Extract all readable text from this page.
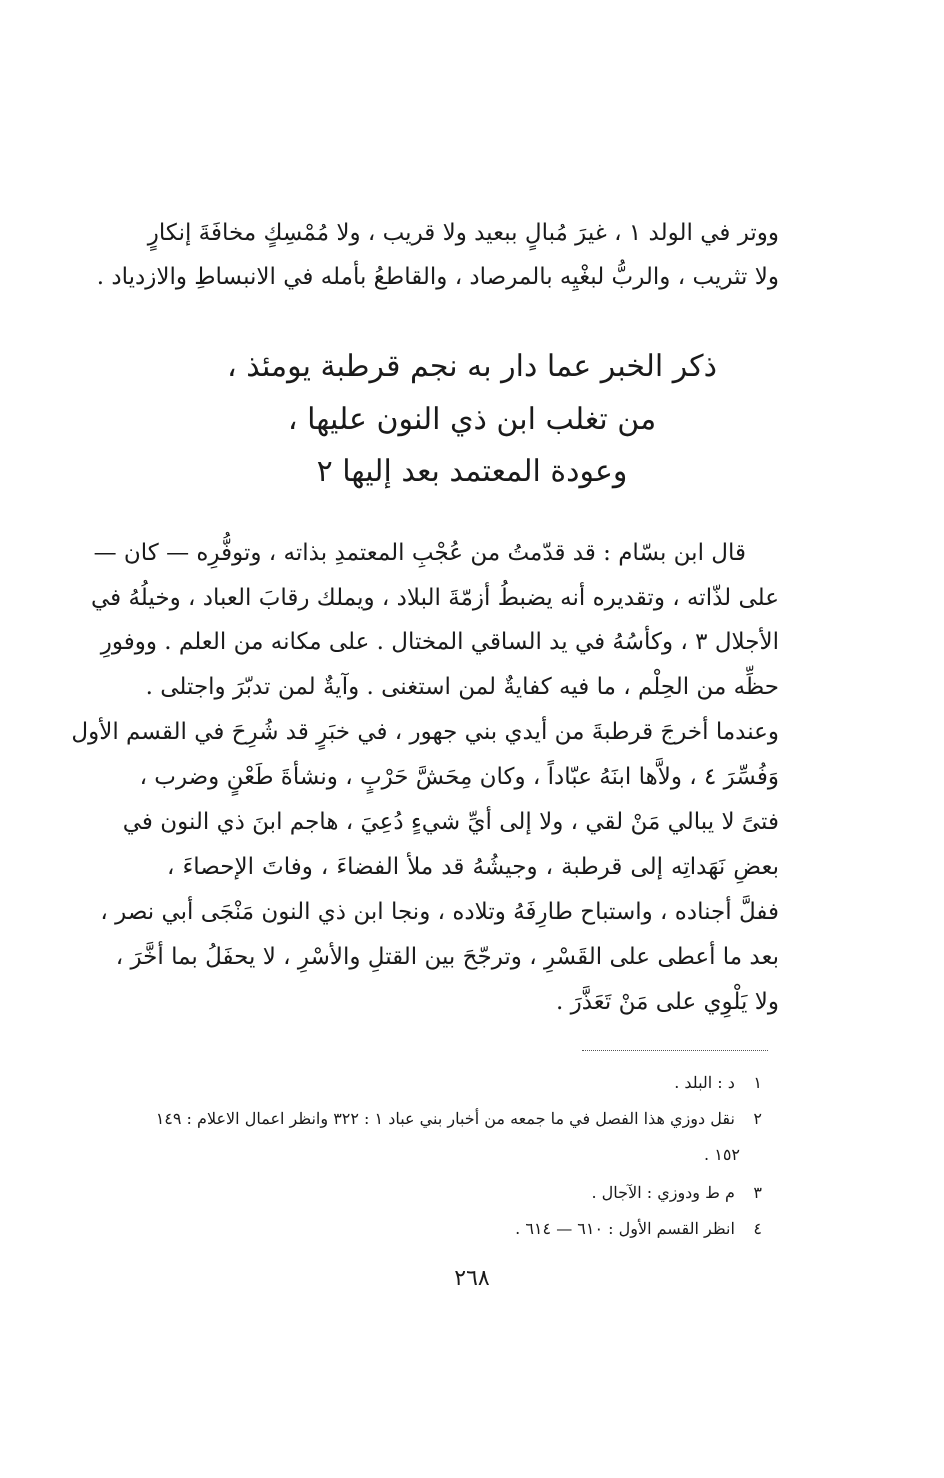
ووتر في الولد ١ ، غيرَ مُبالٍ ببعيد ولا قريب ، ولا مُمْسِكٍ مخافَةَ إنكارٍ
ولا تثريب ، والربُّ لبغْيِه بالمرصاد ، والقاطعُ بأمله في الانبساطِ والازدياد .
ذكر الخبر عما دار به نجم قرطبة يومئذ ،
من تغلب ابن ذي النون عليها ،
وعودة المعتمد بعد إليها ٢
قال ابن بسّام : قد قدّمتُ من عُجْبِ المعتمدِ بذاته ، وتوفُّرِه — كان —
على لذّاته ، وتقديره أنه يضبطُ أزمّةَ البلاد ، ويملك رقابَ العباد ، وخيلُهُ في
الأجلال ٣ ، وكأسُهُ في يد الساقي المختال . على مكانه من العلم . ووفورِ
حظِّه من الحِلْم ، ما فيه كفايةٌ لمن استغنى . وآيةٌ لمن تدبّرَ واجتلى .
وعندما أخرجَ قرطبةَ من أيدي بني جهور ، في خبَرٍ قد شُرِحَ في القسم الأول
وَفُسِّرَ ٤ ، ولاَّها ابنَهُ عبّاداً ، وكان مِحَشَّ حَرْبٍ ، ونشأةَ طَعْنٍ وضرب ،
فتىً لا يبالي مَنْ لقي ، ولا إلى أيِّ شيءٍ دُعِيَ ، هاجم ابنَ ذي النون في
بعضِ نَهَداتِه إلى قرطبة ، وجيشُهُ قد ملأ الفضاءَ ، وفاتَ الإحصاءَ ،
ففلَّ أجناده ، واستباح طارِفَهُ وتلاده ، ونجا ابن ذي النون مَنْجَى أبي نصر ،
بعد ما أعطى على القَسْرِ ، وترجّحَ بين القتلِ والأسْرِ ، لا يحفَلُ بما أخَّرَ ،
ولا يَلْوِي على مَنْ تَعَذَّرَ .
١ د : البلد .
٢ نقل دوزي هذا الفصل في ما جمعه من أخبار بني عباد ١ : ٣٢٢ وانظر اعمال الاعلام : ١٤٩
١٥٢ .
٣ م ط ودوزي : الآجال .
٤ انظر القسم الأول : ٦١٠ — ٦١٤ .
٢٦٨
